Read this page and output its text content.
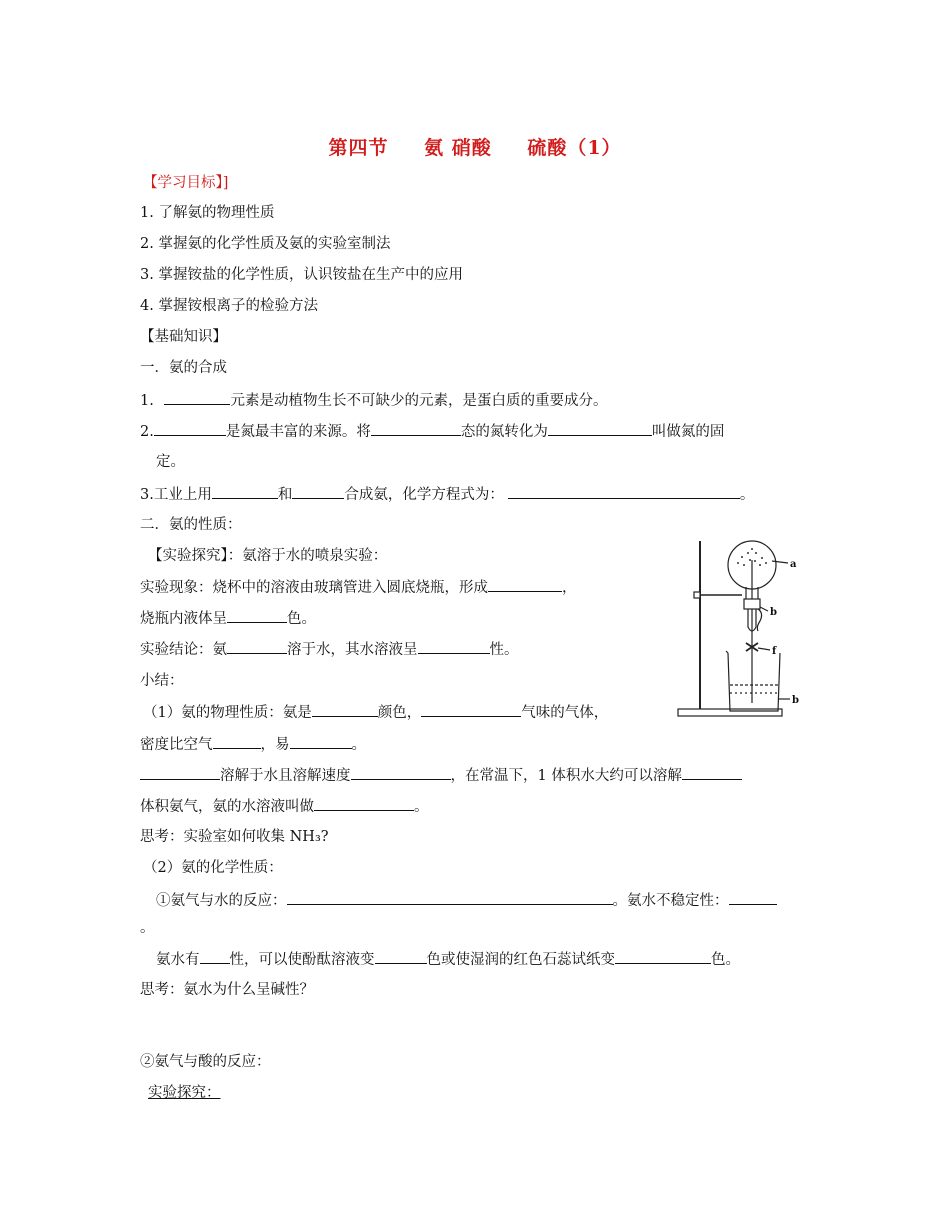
第四节 氨 硝酸 硫酸（1）
【学习目标】]
1. 了解氨的物理性质
2. 掌握氨的化学性质及氨的实验室制法
3. 掌握铵盐的化学性质，认识铵盐在生产中的应用
4. 掌握铵根离子的检验方法
【基础知识】
一．氨的合成
1.	元素是动植物生长不可缺少的元素，是蛋白质的重要成分。
2.	是氮最丰富的来源。将	态的氮转化为	叫做氮的固
定。
3.工业上用	和	合成氨，化学方程式为：	。
二．氨的性质：
【实验探究】：氨溶于水的喷泉实验：
实验现象：烧杯中的溶液由玻璃管进入圆底烧瓶，形成	，
烧瓶内液体呈	色。
实验结论：氨	溶于水，其水溶液呈	性。
小结：
（1）氨的物理性质：氨是	颜色，	气味的气体，
密度比空气	，易	。
溶解于水且溶解速度	，在常温下，1 体积水大约可以溶解
体积氨气，氨的水溶液叫做	。
思考：实验室如何收集 NH₃?
（2）氨的化学性质：
①氨气与水的反应：	。氨水不稳定性：
。
氨水有 性，可以使酚酞溶液变	色或使湿润的红色石蕊试纸变	色。
思考：氨水为什么呈碱性？
②氨气与酸的反应：
实验探究：
a
b
f
b
